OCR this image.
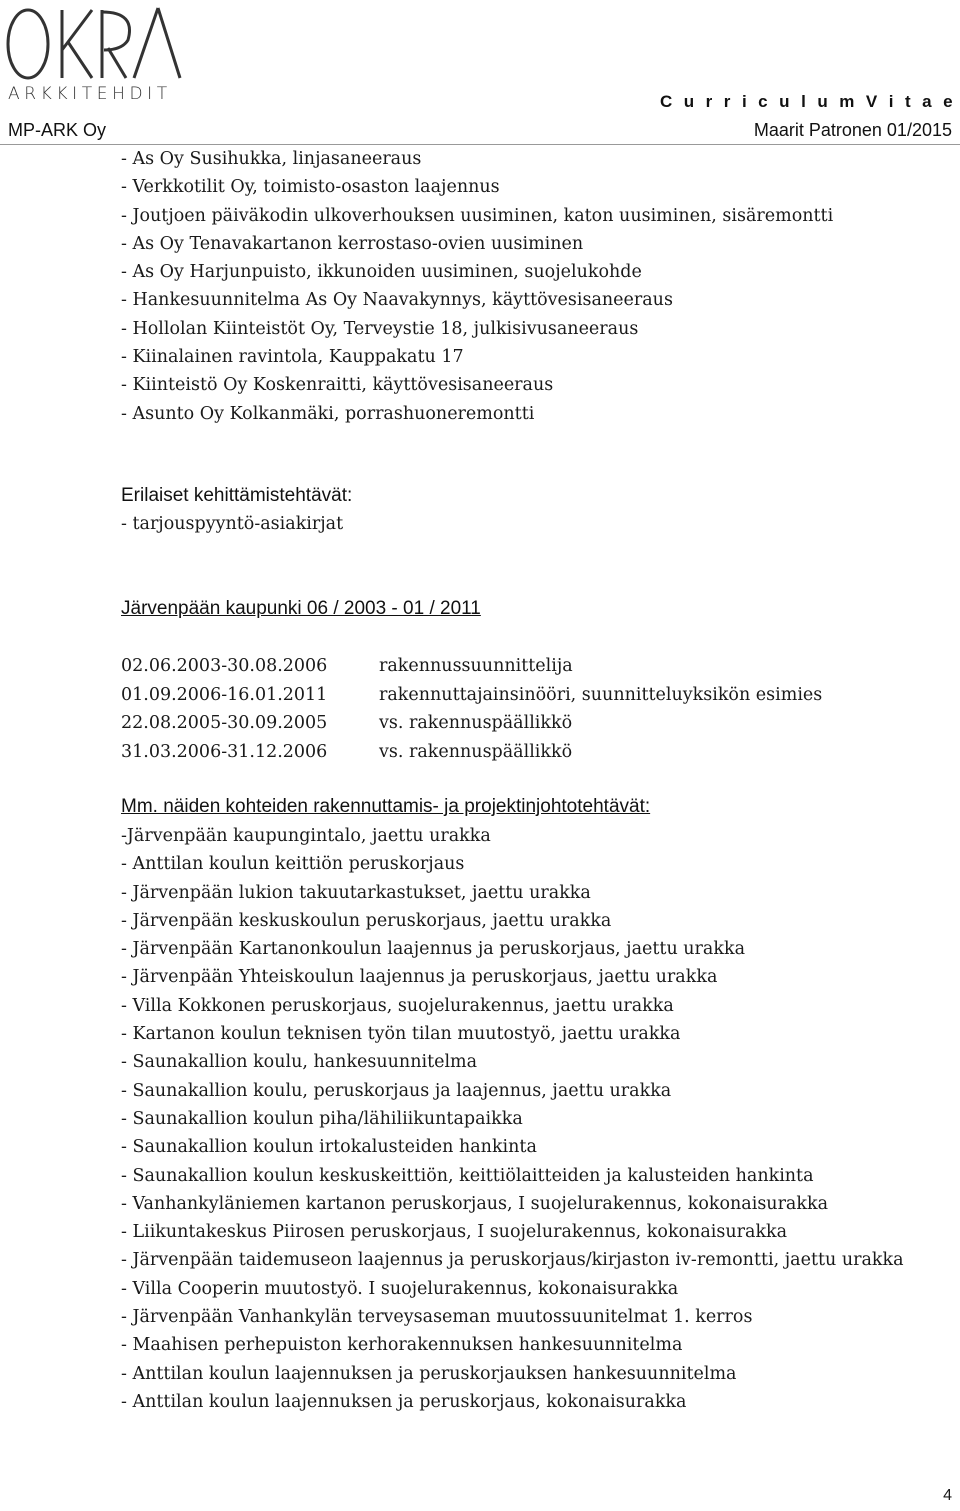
ARKKITEHDIT	C u r r i c u l u m V i t a e
MP-ARK Oy	Maarit Patronen 01/2015
- As Oy Susihukka, linjasaneeraus
- Verkkotilit Oy, toimisto-osaston laajennus
- Joutjoen päiväkodin ulkoverhouksen uusiminen, katon uusiminen, sisäremontti
- As Oy Tenavakartanon kerrostaso-ovien uusiminen
- As Oy Harjunpuisto, ikkunoiden uusiminen, suojelukohde
- Hankesuunnitelma As Oy Naavakynnys, käyttövesisaneeraus
- Hollolan Kiinteistöt Oy, Terveystie 18, julkisivusaneeraus
- Kiinalainen ravintola, Kauppakatu 17
- Kiinteistö Oy Koskenraitti, käyttövesisaneeraus
- Asunto Oy Kolkanmäki, porrashuoneremontti
Erilaiset kehittämistehtävät:
- tarjouspyyntö-asiakirjat
Järvenpään kaupunki 06 / 2003 - 01 / 2011
02.06.2003-30.08.2006	rakennussuunnittelija
01.09.2006-16.01.2011	rakennuttajainsinööri, suunnitteluyksikön esimies
22.08.2005-30.09.2005	vs. rakennuspäällikkö
31.03.2006-31.12.2006	vs. rakennuspäällikkö
Mm. näiden kohteiden rakennuttamis- ja projektinjohtotehtävät:
-Järvenpään kaupungintalo, jaettu urakka
- Anttilan koulun keittiön peruskorjaus
- Järvenpään lukion takuutarkastukset, jaettu urakka
- Järvenpään keskuskoulun peruskorjaus, jaettu urakka
- Järvenpään Kartanonkoulun laajennus ja peruskorjaus, jaettu urakka
- Järvenpään Yhteiskoulun laajennus ja peruskorjaus, jaettu urakka
- Villa Kokkonen peruskorjaus, suojelurakennus, jaettu urakka
- Kartanon koulun teknisen työn tilan muutostyö, jaettu urakka
- Saunakallion koulu, hankesuunnitelma
- Saunakallion koulu, peruskorjaus ja laajennus, jaettu urakka
- Saunakallion koulun piha/lähiliikuntapaikka
- Saunakallion koulun irtokalusteiden hankinta
- Saunakallion koulun keskuskeittiön, keittiölaitteiden ja kalusteiden hankinta
- Vanhankyläniemen kartanon peruskorjaus, I suojelurakennus, kokonaisurakka
- Liikuntakeskus Piirosen peruskorjaus, I suojelurakennus, kokonaisurakka
- Järvenpään taidemuseon laajennus ja peruskorjaus/kirjaston iv-remontti, jaettu urakka
- Villa Cooperin muutostyö. I suojelurakennus, kokonaisurakka
- Järvenpään Vanhankylän terveysaseman muutossuunitelmat 1. kerros
- Maahisen perhepuiston kerhorakennuksen hankesuunnitelma
- Anttilan koulun laajennuksen ja peruskorjauksen hankesuunnitelma
- Anttilan koulun laajennuksen ja peruskorjaus, kokonaisurakka
4
